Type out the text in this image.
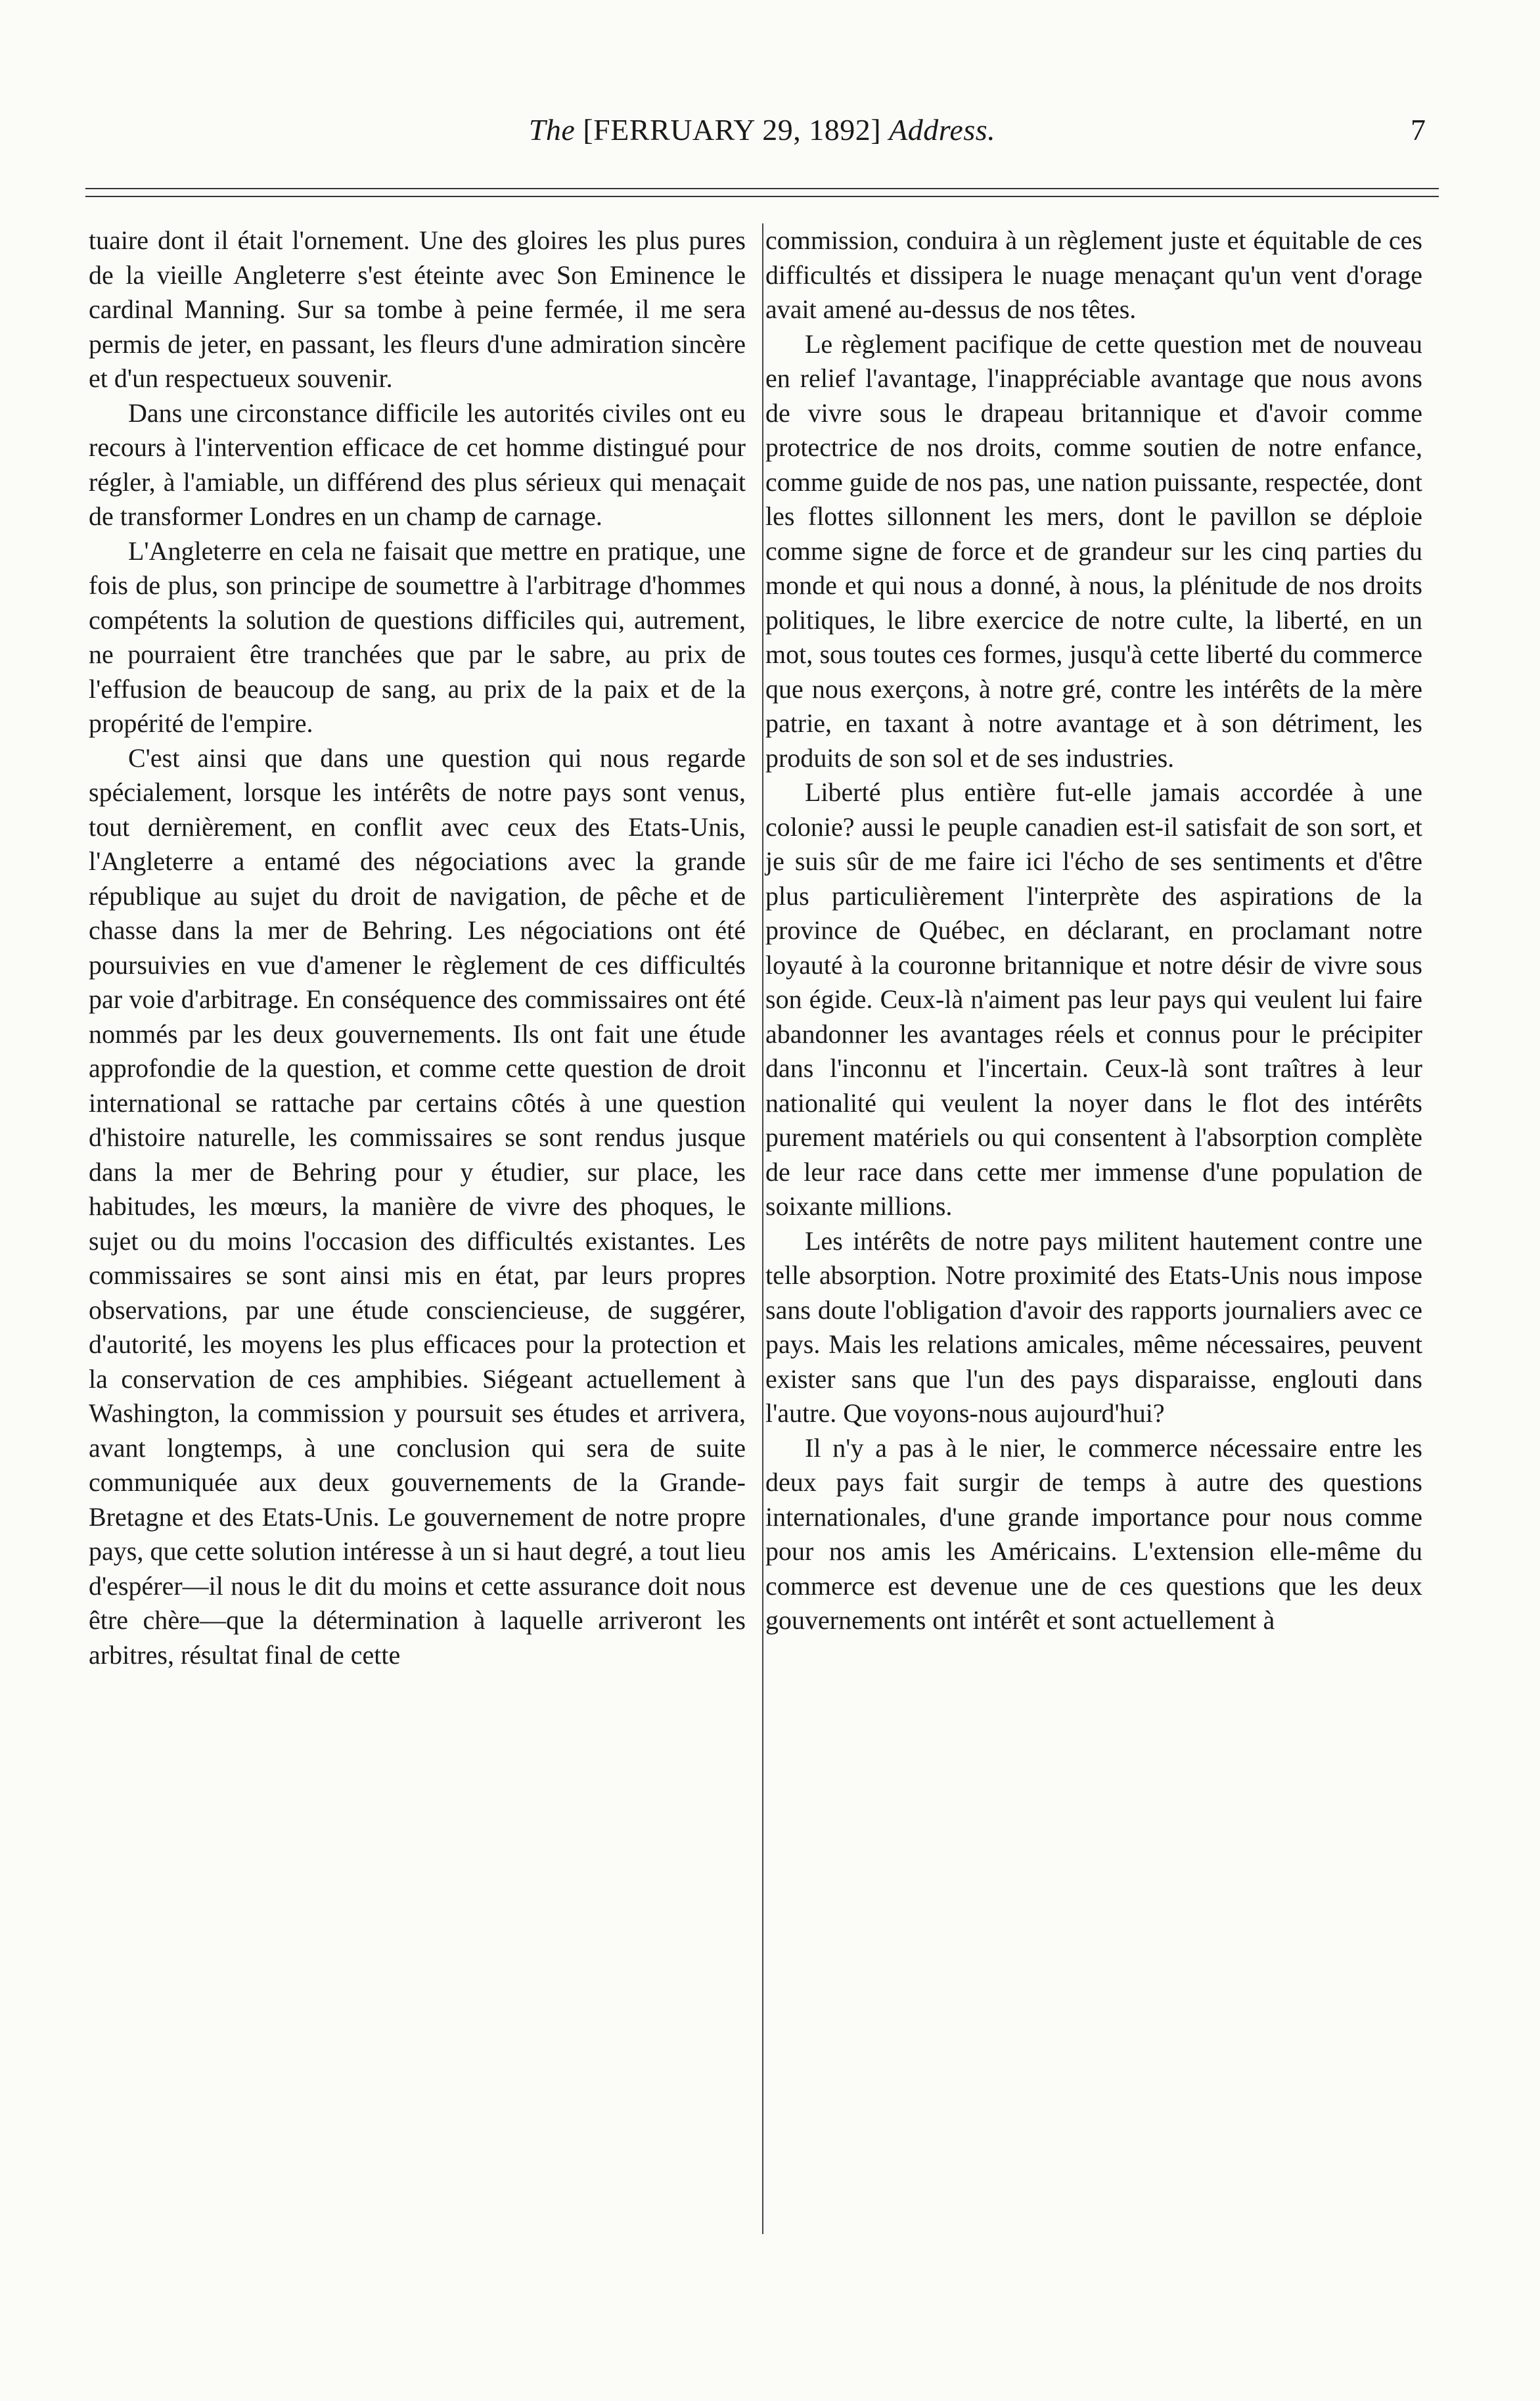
The [FERRUARY 29, 1892] Address.	7

tuaire dont il était l'ornement. Une des gloires les plus pures de la vieille Angleterre s'est éteinte avec Son Eminence le cardinal Manning. Sur sa tombe à peine fermée, il me sera permis de jeter, en passant, les fleurs d'une admiration sincère et d'un respectueux souvenir.

Dans une circonstance difficile les autorités civiles ont eu recours à l'intervention efficace de cet homme distingué pour régler, à l'amiable, un différend des plus sérieux qui menaçait de transformer Londres en un champ de carnage.

L'Angleterre en cela ne faisait que mettre en pratique, une fois de plus, son principe de soumettre à l'arbitrage d'hommes compétents la solution de questions difficiles qui, autrement, ne pourraient être tranchées que par le sabre, au prix de l'effusion de beaucoup de sang, au prix de la paix et de la propérité de l'empire.

C'est ainsi que dans une question qui nous regarde spécialement, lorsque les intérêts de notre pays sont venus, tout dernièrement, en conflit avec ceux des Etats-Unis, l'Angleterre a entamé des négociations avec la grande république au sujet du droit de navigation, de pêche et de chasse dans la mer de Behring. Les négociations ont été poursuivies en vue d'amener le règlement de ces difficultés par voie d'arbitrage. En conséquence des commissaires ont été nommés par les deux gouvernements. Ils ont fait une étude approfondie de la question, et comme cette question de droit international se rattache par certains côtés à une question d'histoire naturelle, les commissaires se sont rendus jusque dans la mer de Behring pour y étudier, sur place, les habitudes, les mœurs, la manière de vivre des phoques, le sujet ou du moins l'occasion des difficultés existantes. Les commissaires se sont ainsi mis en état, par leurs propres observations, par une étude consciencieuse, de suggérer, d'autorité, les moyens les plus efficaces pour la protection et la conservation de ces amphibies. Siégeant actuellement à Washington, la commission y poursuit ses études et arrivera, avant longtemps, à une conclusion qui sera de suite communiquée aux deux gouvernements de la Grande-Bretagne et des Etats-Unis. Le gouvernement de notre propre pays, que cette solution intéresse à un si haut degré, a tout lieu d'espérer—il nous le dit du moins et cette assurance doit nous être chère—que la détermination à laquelle arriveront les arbitres, résultat final de cette

commission, conduira à un règlement juste et équitable de ces difficultés et dissipera le nuage menaçant qu'un vent d'orage avait amené au-dessus de nos têtes.

Le règlement pacifique de cette question met de nouveau en relief l'avantage, l'inappréciable avantage que nous avons de vivre sous le drapeau britannique et d'avoir comme protectrice de nos droits, comme soutien de notre enfance, comme guide de nos pas, une nation puissante, respectée, dont les flottes sillonnent les mers, dont le pavillon se déploie comme signe de force et de grandeur sur les cinq parties du monde et qui nous a donné, à nous, la plénitude de nos droits politiques, le libre exercice de notre culte, la liberté, en un mot, sous toutes ces formes, jusqu'à cette liberté du commerce que nous exerçons, à notre gré, contre les intérêts de la mère patrie, en taxant à notre avantage et à son détriment, les produits de son sol et de ses industries.

Liberté plus entière fut-elle jamais accordée à une colonie? aussi le peuple canadien est-il satisfait de son sort, et je suis sûr de me faire ici l'écho de ses sentiments et d'être plus particulièrement l'interprète des aspirations de la province de Québec, en déclarant, en proclamant notre loyauté à la couronne britannique et notre désir de vivre sous son égide. Ceux-là n'aiment pas leur pays qui veulent lui faire abandonner les avantages réels et connus pour le précipiter dans l'inconnu et l'incertain. Ceux-là sont traîtres à leur nationalité qui veulent la noyer dans le flot des intérêts purement matériels ou qui consentent à l'absorption complète de leur race dans cette mer immense d'une population de soixante millions.

Les intérêts de notre pays militent hautement contre une telle absorption. Notre proximité des Etats-Unis nous impose sans doute l'obligation d'avoir des rapports journaliers avec ce pays. Mais les relations amicales, même nécessaires, peuvent exister sans que l'un des pays disparaisse, englouti dans l'autre. Que voyons-nous aujourd'hui?

Il n'y a pas à le nier, le commerce nécessaire entre les deux pays fait surgir de temps à autre des questions internationales, d'une grande importance pour nous comme pour nos amis les Américains. L'extension elle-même du commerce est devenue une de ces questions que les deux gouvernements ont intérêt et sont actuellement à
